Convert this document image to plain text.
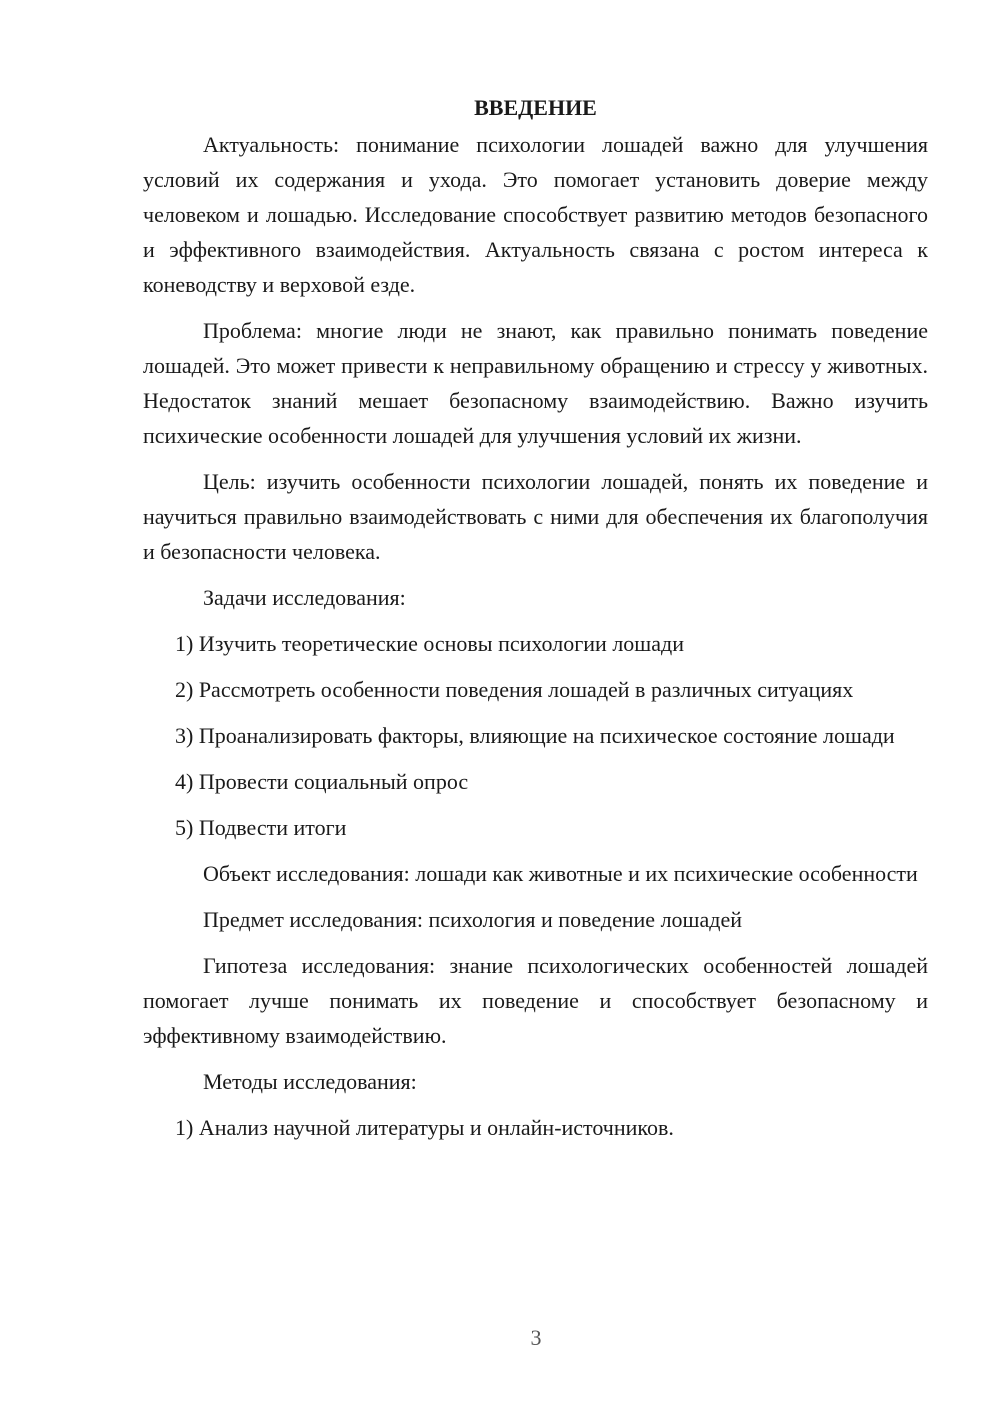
ВВЕДЕНИЕ

Актуальность: понимание психологии лошадей важно для улучшения условий их содержания и ухода. Это помогает установить доверие между человеком и лошадью. Исследование способствует развитию методов безопасного и эффективного взаимодействия. Актуальность связана с ростом интереса к коневодству и верховой езде.

Проблема: многие люди не знают, как правильно понимать поведение лошадей. Это может привести к неправильному обращению и стрессу у животных. Недостаток знаний мешает безопасному взаимодействию. Важно изучить психические особенности лошадей для улучшения условий их жизни.

Цель: изучить особенности психологии лошадей, понять их поведение и научиться правильно взаимодействовать с ними для обеспечения их благополучия и безопасности человека.

Задачи исследования:

1) Изучить теоретические основы психологии лошади

2) Рассмотреть особенности поведения лошадей в различных ситуациях

3) Проанализировать факторы, влияющие на психическое состояние лошади

4) Провести социальный опрос

5) Подвести итоги

Объект исследования: лошади как животные и их психические особенности

Предмет исследования: психология и поведение лошадей

Гипотеза исследования: знание психологических особенностей лошадей помогает лучше понимать их поведение и способствует безопасному и эффективному взаимодействию.

Методы исследования:

1) Анализ научной литературы и онлайн-источников.

3
